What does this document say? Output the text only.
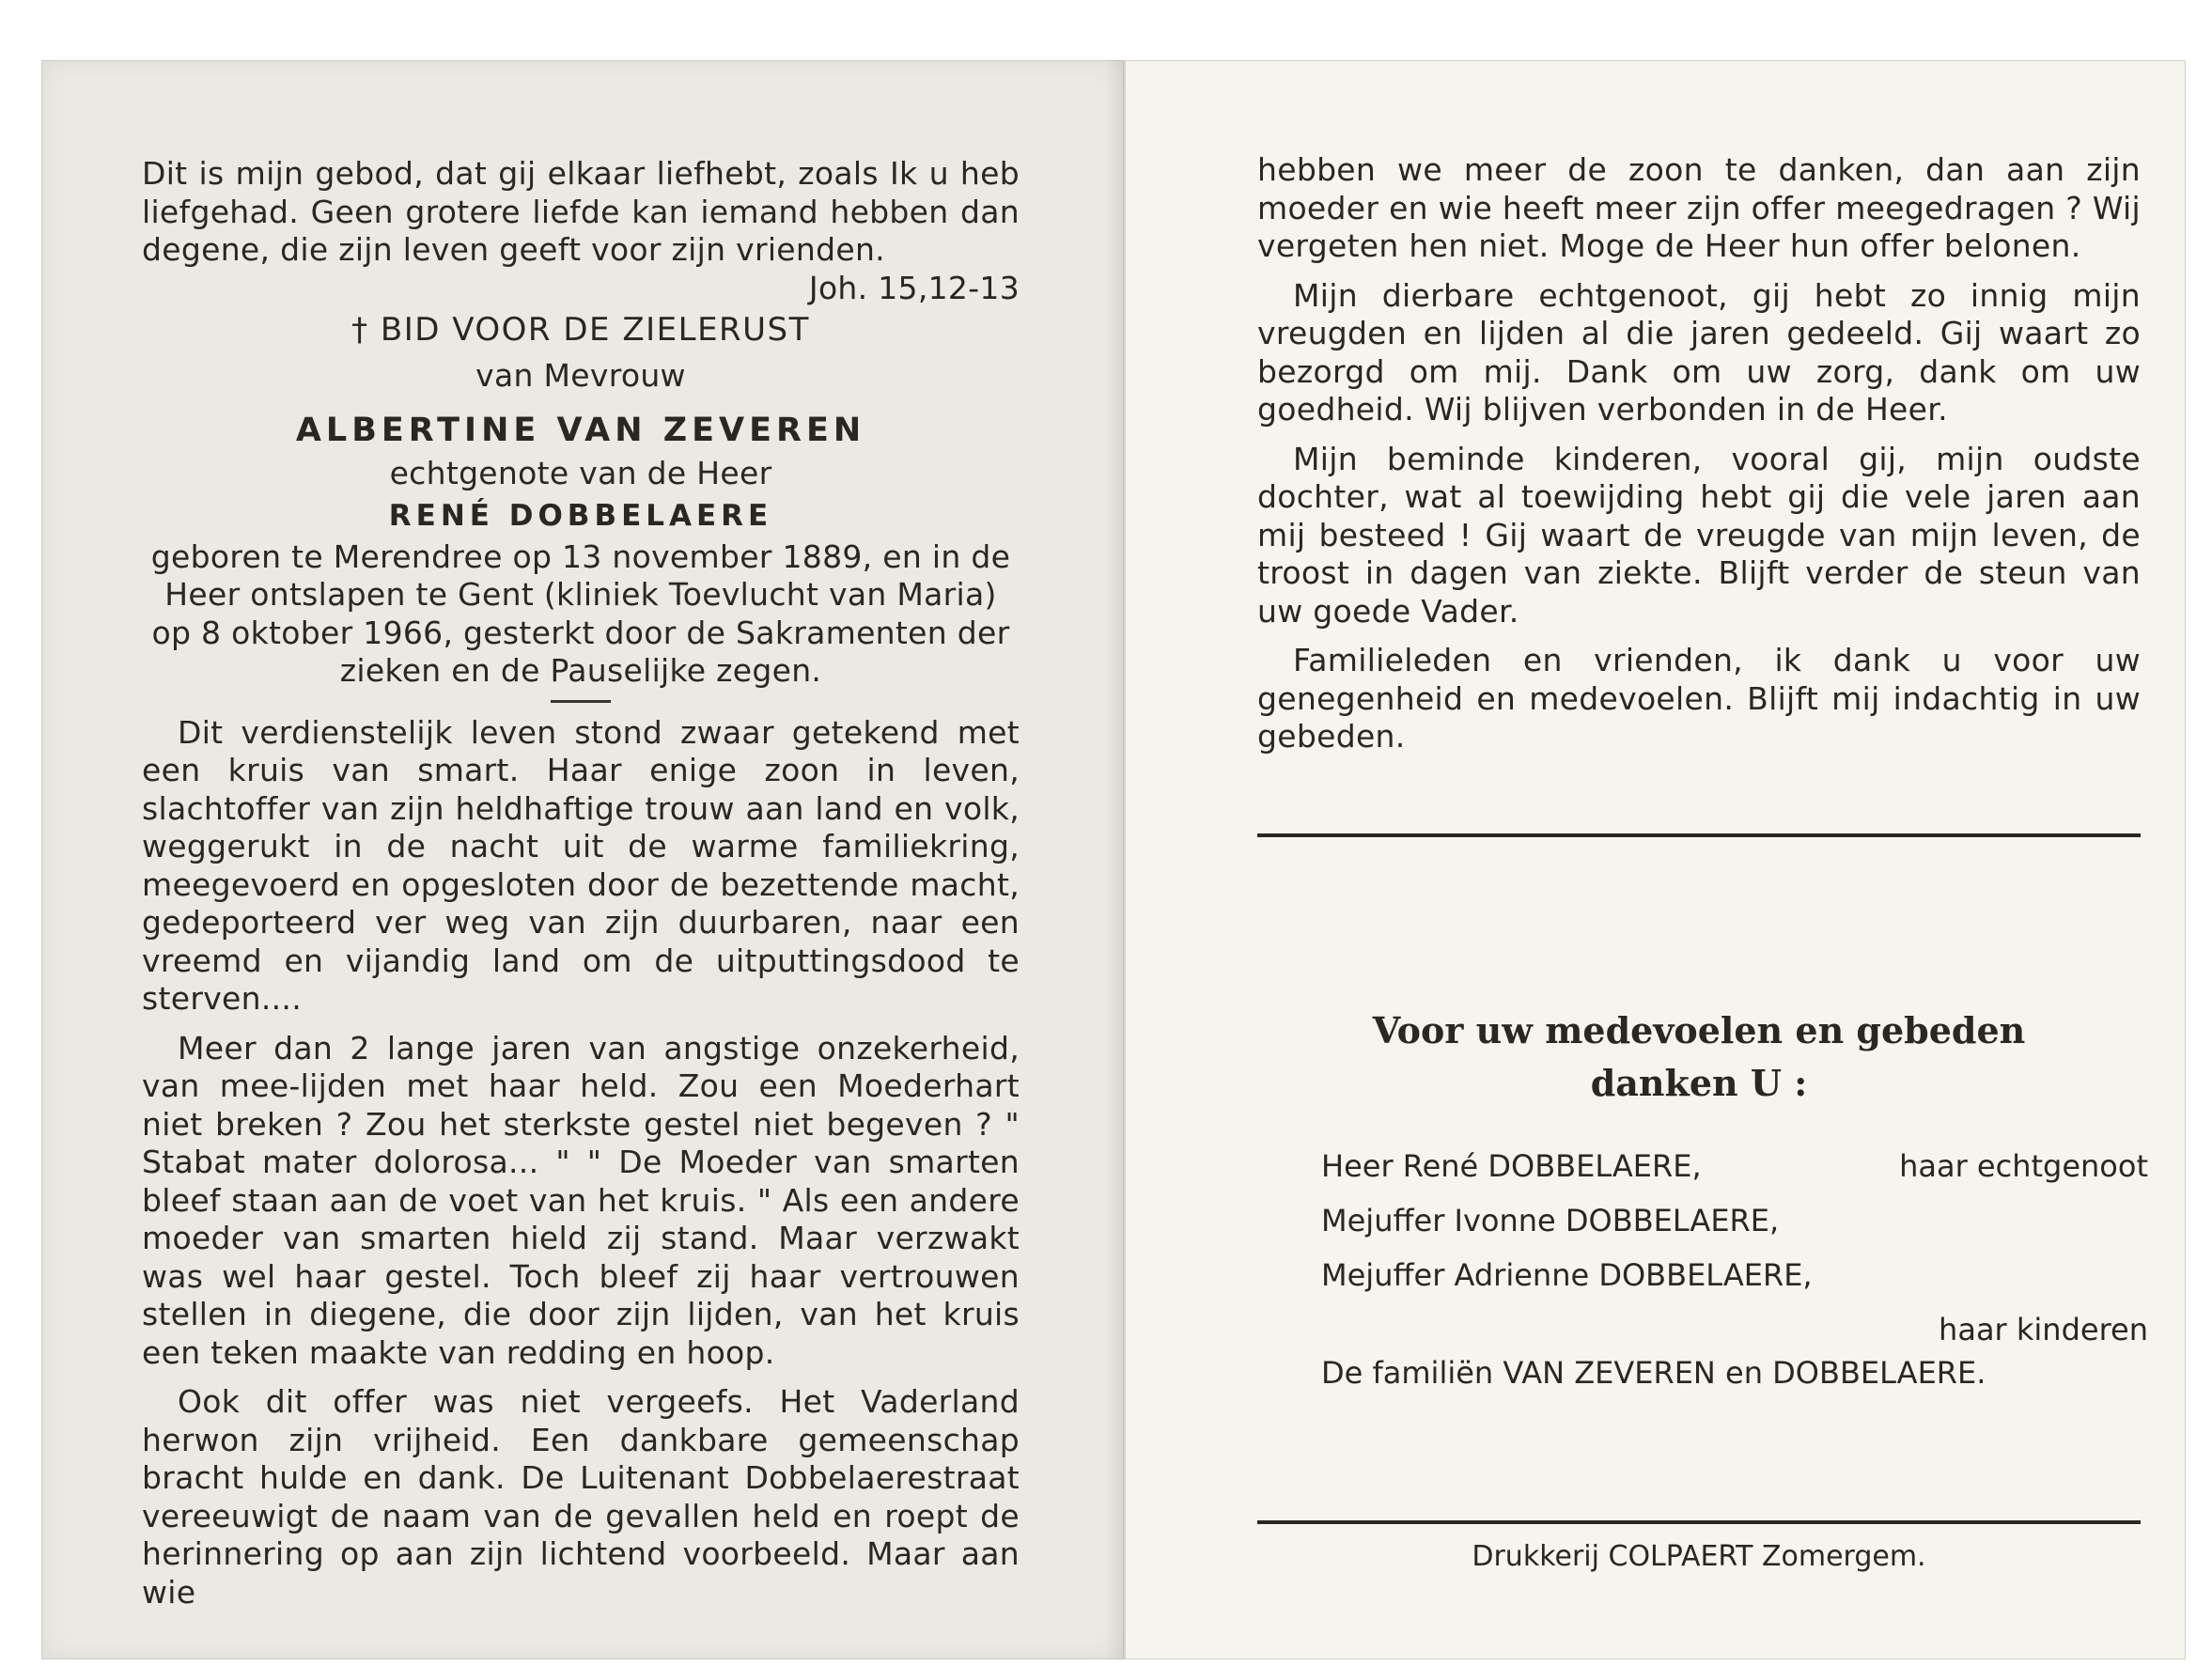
Dit is mijn gebod, dat gij elkaar liefhebt, zoals Ik u heb liefgehad. Geen grotere liefde kan iemand hebben dan degene, die zijn leven geeft voor zijn vrienden.

Joh. 15,12-13

† BID VOOR DE ZIELERUST

van Mevrouw

ALBERTINE VAN ZEVEREN

echtgenote van de Heer

RENÉ DOBBELAERE

geboren te Merendree op 13 november 1889, en in de Heer ontslapen te Gent (kliniek Toevlucht van Maria) op 8 oktober 1966, gesterkt door de Sakramenten der zieken en de Pauselijke zegen.

Dit verdienstelijk leven stond zwaar getekend met een kruis van smart. Haar enige zoon in leven, slachtoffer van zijn heldhaftige trouw aan land en volk, weggerukt in de nacht uit de warme familiekring, meegevoerd en opgesloten door de bezettende macht, gedeporteerd ver weg van zijn duurbaren, naar een vreemd en vijandig land om de uitputtingsdood te sterven....

Meer dan 2 lange jaren van angstige onzekerheid, van mee-lijden met haar held. Zou een Moederhart niet breken ? Zou het sterkste gestel niet begeven ? " Stabat mater dolorosa... " " De Moeder van smarten bleef staan aan de voet van het kruis. " Als een andere moeder van smarten hield zij stand. Maar verzwakt was wel haar gestel. Toch bleef zij haar vertrouwen stellen in diegene, die door zijn lijden, van het kruis een teken maakte van redding en hoop.

Ook dit offer was niet vergeefs. Het Vaderland herwon zijn vrijheid. Een dankbare gemeenschap bracht hulde en dank. De Luitenant Dobbelaerestraat vereeuwigt de naam van de gevallen held en roept de herinnering op aan zijn lichtend voorbeeld. Maar aan wie

hebben we meer de zoon te danken, dan aan zijn moeder en wie heeft meer zijn offer meegedragen ? Wij vergeten hen niet. Moge de Heer hun offer belonen.

Mijn dierbare echtgenoot, gij hebt zo innig mijn vreugden en lijden al die jaren gedeeld. Gij waart zo bezorgd om mij. Dank om uw zorg, dank om uw goedheid. Wij blijven verbonden in de Heer.

Mijn beminde kinderen, vooral gij, mijn oudste dochter, wat al toewijding hebt gij die vele jaren aan mij besteed ! Gij waart de vreugde van mijn leven, de troost in dagen van ziekte. Blijft verder de steun van uw goede Vader.

Familieleden en vrienden, ik dank u voor uw genegenheid en medevoelen. Blijft mij indachtig in uw gebeden.

Voor uw medevoelen en gebeden
danken U :
Heer René DOBBELAERE,	haar echtgenoot
Mejuffer Ivonne DOBBELAERE,
Mejuffer Adrienne DOBBELAERE,
haar kinderen
De familiën VAN ZEVEREN en DOBBELAERE.
Drukkerij COLPAERT Zomergem.
